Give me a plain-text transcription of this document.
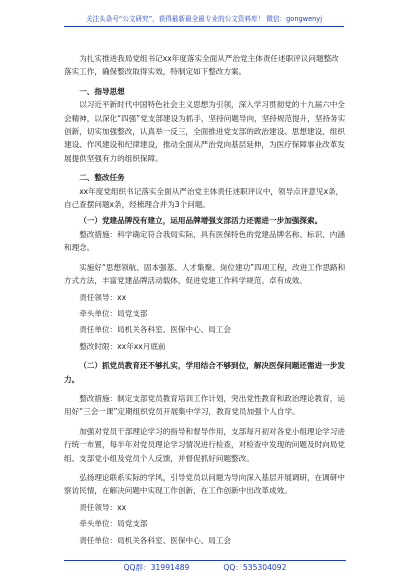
关注头条号“公文研究”，获得最新最全最专业的公文资料库！ 微信：gongwenyj

为扎实推进我局党组书记xx年度落实全面从严治党主体责任述职评议问题整改落实工作，确保整改取得实效，特制定如下整改方案。

一、指导思想

以习近平新时代中国特色社会主义思想为引领，深入学习贯彻党的十九届六中全会精神，以深化“四强”党支部建设为抓手，坚持问题导向，坚持规范提升，坚持务实创新，切实加强整改，认真举一反三，全面推进党支部的政治建设、思想建设、组织建设、作风建设和纪律建设，推动全面从严治党向基层延伸，为医疗保障事业改革发展提供坚强有力的组织保障。

二、整改任务

xx年度党组织书记落实全面从严治党主体责任述职评议中，领导点评意见x条，自己查摆问题x条，经梳理合并为3个问题。

（一）党建品牌没有建立，运用品牌增强支部活力还需进一步加强探索。

整改措施：科学确定符合我局实际，具有医保特色的党建品牌名称、标识、内涵和理念。

实施好“思想领航、固本强基、人才集聚、岗位建功”四项工程，改进工作思路和方式方法，丰富党建品牌活动载体，促进党建工作科学规范、卓有成效。

责任领导：xx

牵头单位：局党支部

责任单位：局机关各科室、医保中心、局工会

整改时限：xx年xx月底前

（二）抓党员教育还不够扎实，学用结合不够到位，解决医保问题还需进一步发力。

整改措施：制定支部党员教育培训工作计划，突出党性教育和政治理论教育，运用好“三会一课”定期组织党员开展集中学习，教育党员加强个人自学。

加强对党员干部理论学习的指导和督导作用，支部每月初对各党小组理论学习进行统一布置，每半年对党员理论学习情况进行检查，对检查中发现的问题及时向局党组、支部党小组及党员个人反馈，并督促抓好问题整改。

弘扬理论联系实际的学风，引导党员以问题为导向深入基层开展调研，在调研中察访民情，在解决问题中实现工作创新，在工作创新中出改革成效。

责任领导：xx

牵头单位：局党支部

责任单位：局机关各科室、医保中心、局工会

QQ群：31991489	QQ：535304092
